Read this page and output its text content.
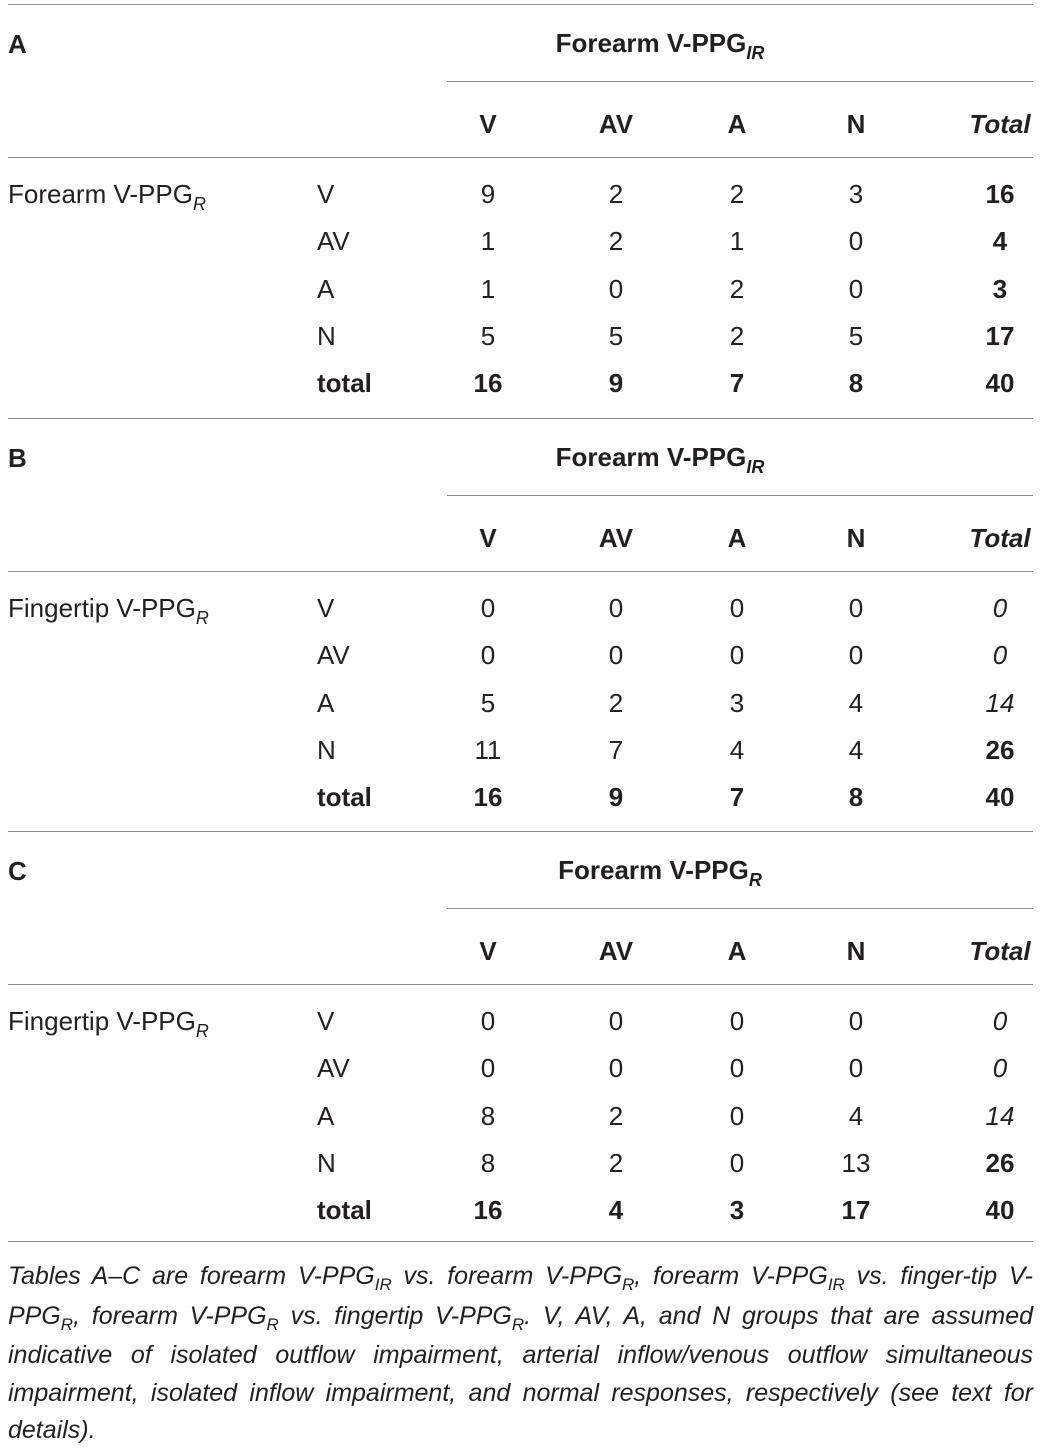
A	Forearm $V-PPG_{IR}$
V	AV	A	N	Total
Forearm $V-PPG_R$	V	9	2	2	3	16
AV	1	2	1	0	4
A	1	0	2	0	3
N	5	5	2	5	17
total	16	9	7	8	40
B	Forearm $V-PPG_{IR}$
V	AV	A	N	Total
Fingertip $V-PPG_R$	V	0	0	0	0	0
AV	0	0	0	0	0
A	5	2	3	4	14
N	11	7	4	4	26
total	16	9	7	8	40
C	Forearm $V-PPG_R$
V	AV	A	N	Total
Fingertip $V-PPG_R$	V	0	0	0	0	0
AV	0	0	0	0	0
A	8	2	0	4	14
N	8	2	0	13	26
total	16	4	3	17	40
Tables A–C are forearm $V-PPG_{IR}$ vs. forearm $V-PPG_R$, forearm $V-PPG_{IR}$ vs. finger-tip $V-PPG_R$, forearm $V-PPG_R$ vs. fingertip $V-PPG_R$. V, AV, A, and N groups that are assumed indicative of isolated outflow impairment, arterial inflow/venous outflow simultaneous impairment, isolated inflow impairment, and normal responses, respectively (see text for details).
